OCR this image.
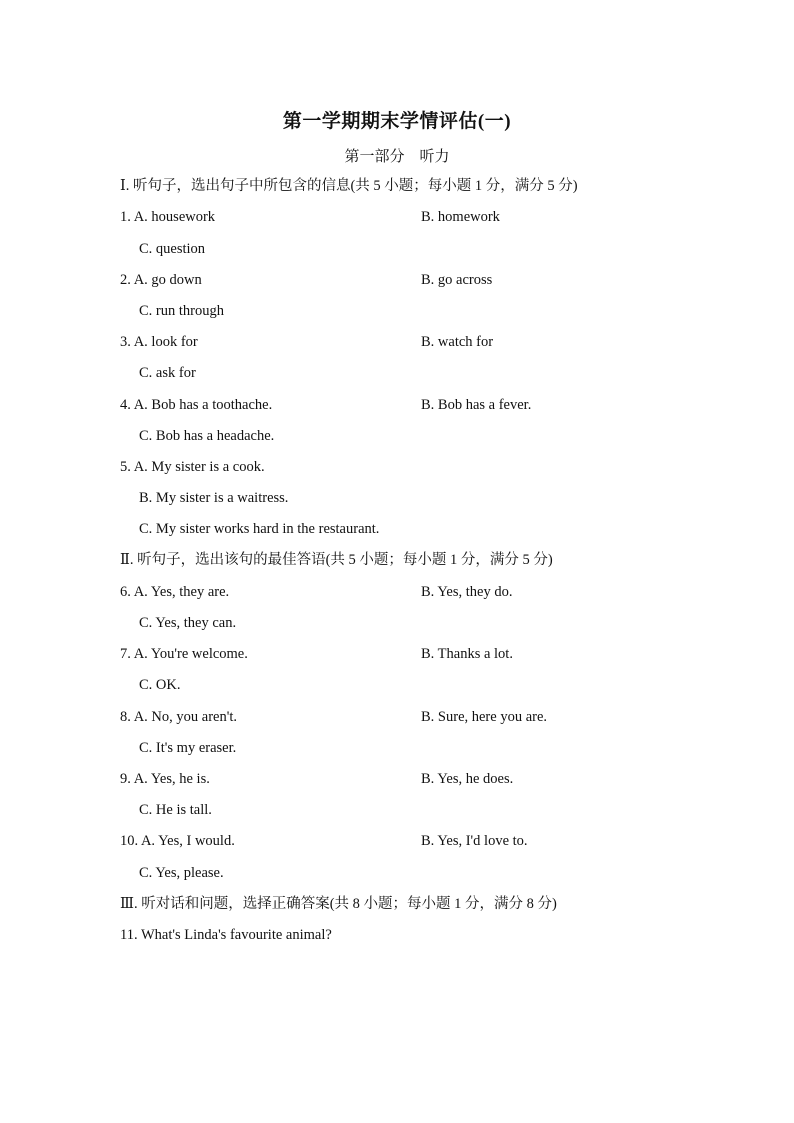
第一学期期末学情评估(一)
第一部分　听力
Ⅰ. 听句子，选出句子中所包含的信息(共 5 小题；每小题 1 分，满分 5 分)
1. A. housework	B. homework
C. question
2. A. go down	B. go across
C. run through
3. A. look for	B. watch for
C. ask for
4. A. Bob has a toothache.	B. Bob has a fever.
C. Bob has a headache.
5. A. My sister is a cook.
B. My sister is a waitress.
C. My sister works hard in the restaurant.
Ⅱ. 听句子，选出该句的最佳答语(共 5 小题；每小题 1 分，满分 5 分)
6. A. Yes, they are.	B. Yes, they do.
C. Yes, they can.
7. A. You're welcome.	B. Thanks a lot.
C. OK.
8. A. No, you aren't.	B. Sure, here you are.
C. It's my eraser.
9. A. Yes, he is.	B. Yes, he does.
C. He is tall.
10. A. Yes, I would.	B. Yes, I'd love to.
C. Yes, please.
Ⅲ. 听对话和问题，选择正确答案(共 8 小题；每小题 1 分，满分 8 分)
11. What's Linda's favourite animal?
